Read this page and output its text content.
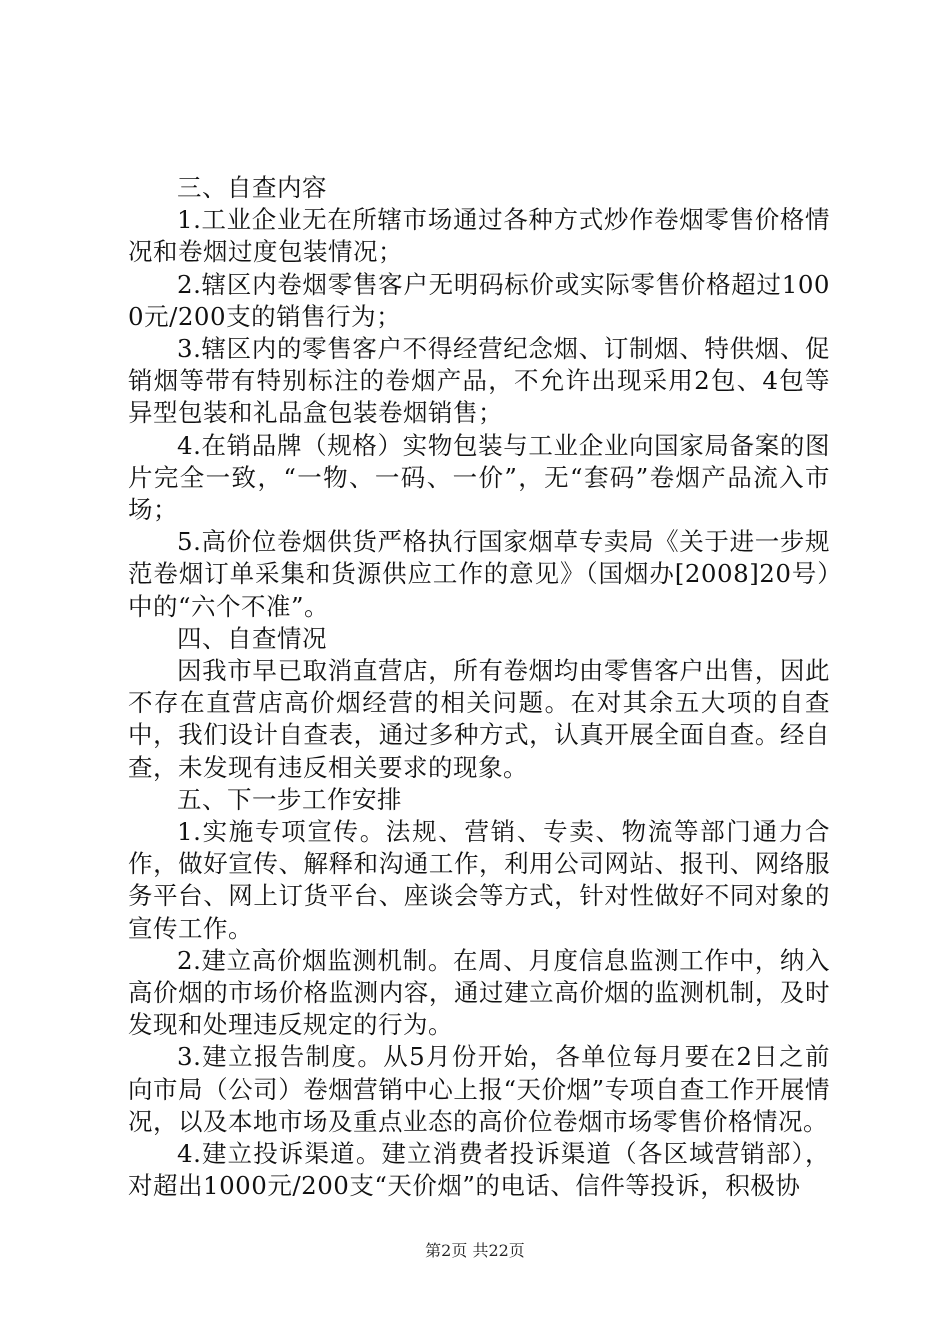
三、自查内容

1.工业企业无在所辖市场通过各种方式炒作卷烟零售价格情况和卷烟过度包装情况；

2.辖区内卷烟零售客户无明码标价或实际零售价格超过1000元/200支的销售行为；

3.辖区内的零售客户不得经营纪念烟、订制烟、特供烟、促销烟等带有特别标注的卷烟产品，不允许出现采用2包、4包等异型包装和礼品盒包装卷烟销售；

4.在销品牌（规格）实物包装与工业企业向国家局备案的图片完全一致，“一物、一码、一价”，无“套码”卷烟产品流入市场；

5.高价位卷烟供货严格执行国家烟草专卖局《关于进一步规范卷烟订单采集和货源供应工作的意见》（国烟办[2008]20号）中的“六个不准”。

四、自查情况

因我市早已取消直营店，所有卷烟均由零售客户出售，因此不存在直营店高价烟经营的相关问题。在对其余五大项的自查中，我们设计自查表，通过多种方式，认真开展全面自查。经自查，未发现有违反相关要求的现象。

五、下一步工作安排

1.实施专项宣传。法规、营销、专卖、物流等部门通力合作，做好宣传、解释和沟通工作，利用公司网站、报刊、网络服务平台、网上订货平台、座谈会等方式，针对性做好不同对象的宣传工作。

2.建立高价烟监测机制。在周、月度信息监测工作中，纳入高价烟的市场价格监测内容，通过建立高价烟的监测机制，及时发现和处理违反规定的行为。

3.建立报告制度。从5月份开始，各单位每月要在2日之前向市局（公司）卷烟营销中心上报“天价烟”专项自查工作开展情况，以及本地市场及重点业态的高价位卷烟市场零售价格情况。

4.建立投诉渠道。建立消费者投诉渠道（各区域营销部），对超出1000元/200支“天价烟”的电话、信件等投诉，积极协

第2页 共22页
